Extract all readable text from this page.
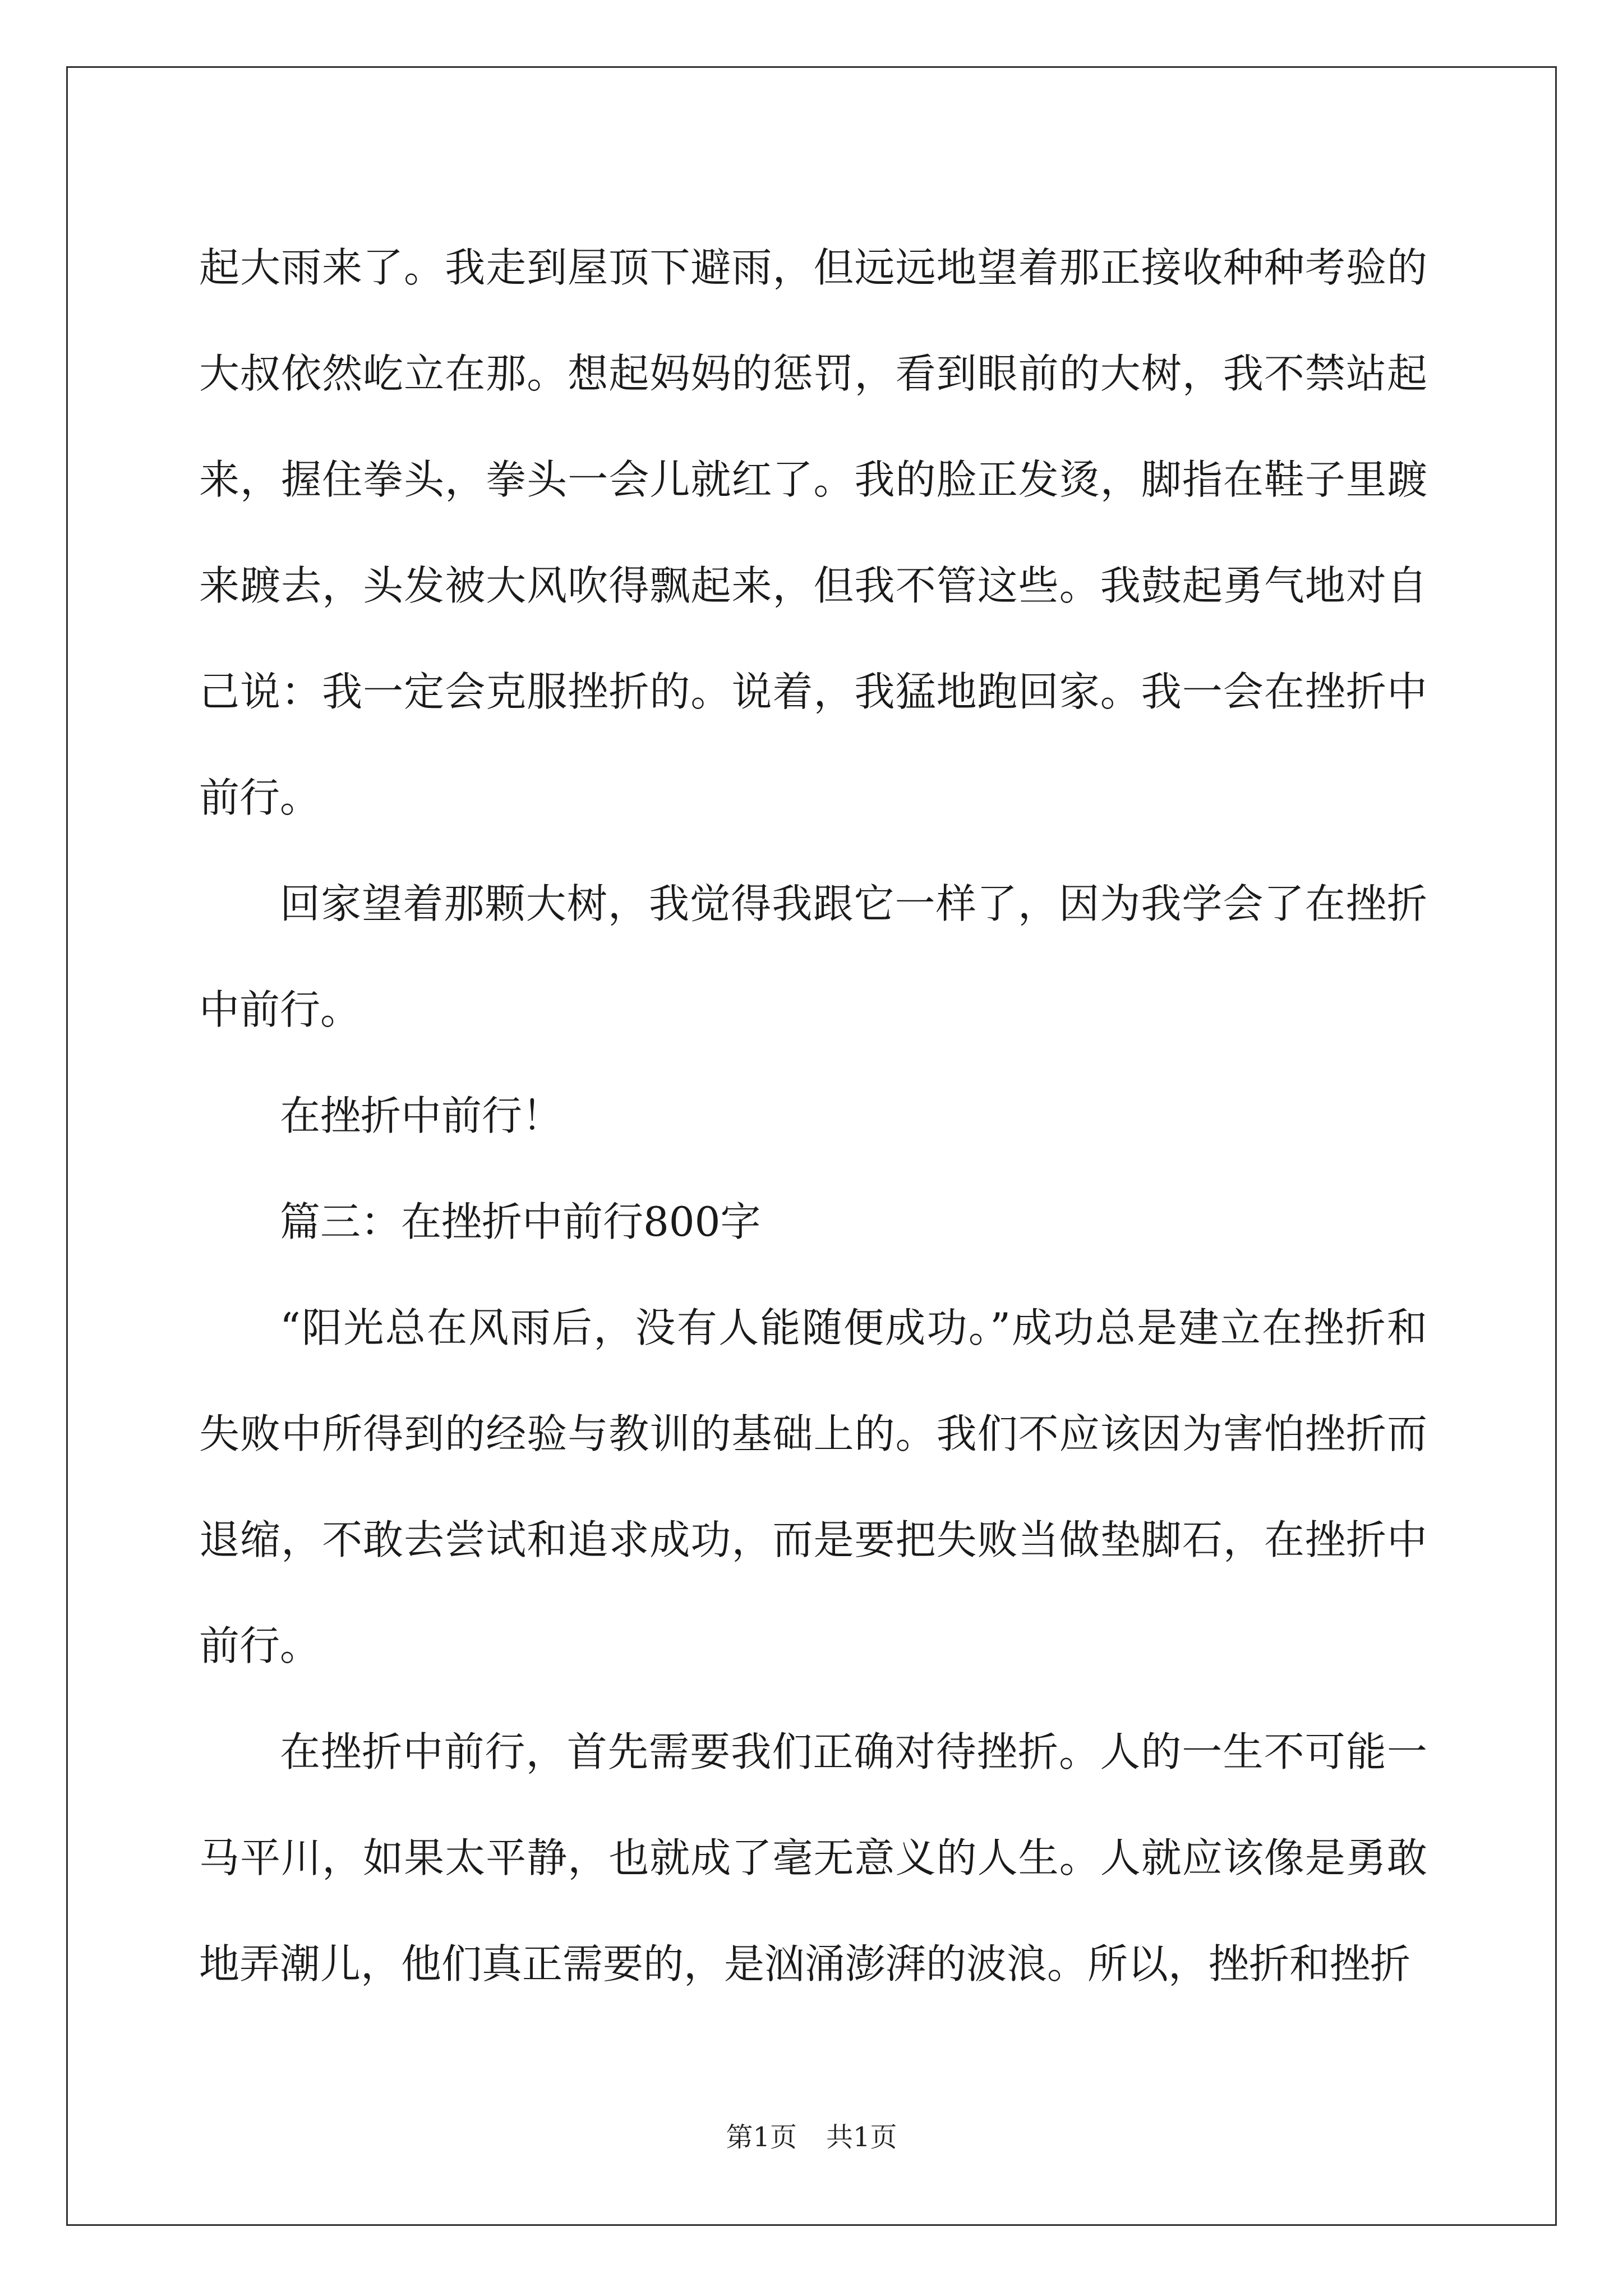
起大雨来了。我走到屋顶下避雨，但远远地望着那正接收种种考验的大叔依然屹立在那。想起妈妈的惩罚，看到眼前的大树，我不禁站起来，握住拳头，拳头一会儿就红了。我的脸正发烫，脚指在鞋子里踱来踱去，头发被大风吹得飘起来，但我不管这些。我鼓起勇气地对自己说：我一定会克服挫折的。说着，我猛地跑回家。我一会在挫折中前行。

回家望着那颗大树，我觉得我跟它一样了，因为我学会了在挫折中前行。

在挫折中前行！

篇三：在挫折中前行800字

“阳光总在风雨后，没有人能随便成功。”成功总是建立在挫折和失败中所得到的经验与教训的基础上的。我们不应该因为害怕挫折而退缩，不敢去尝试和追求成功，而是要把失败当做垫脚石，在挫折中前行。

在挫折中前行，首先需要我们正确对待挫折。人的一生不可能一马平川，如果太平静，也就成了毫无意义的人生。人就应该像是勇敢地弄潮儿，他们真正需要的，是汹涌澎湃的波浪。所以，挫折和挫折

第1页 共1页
